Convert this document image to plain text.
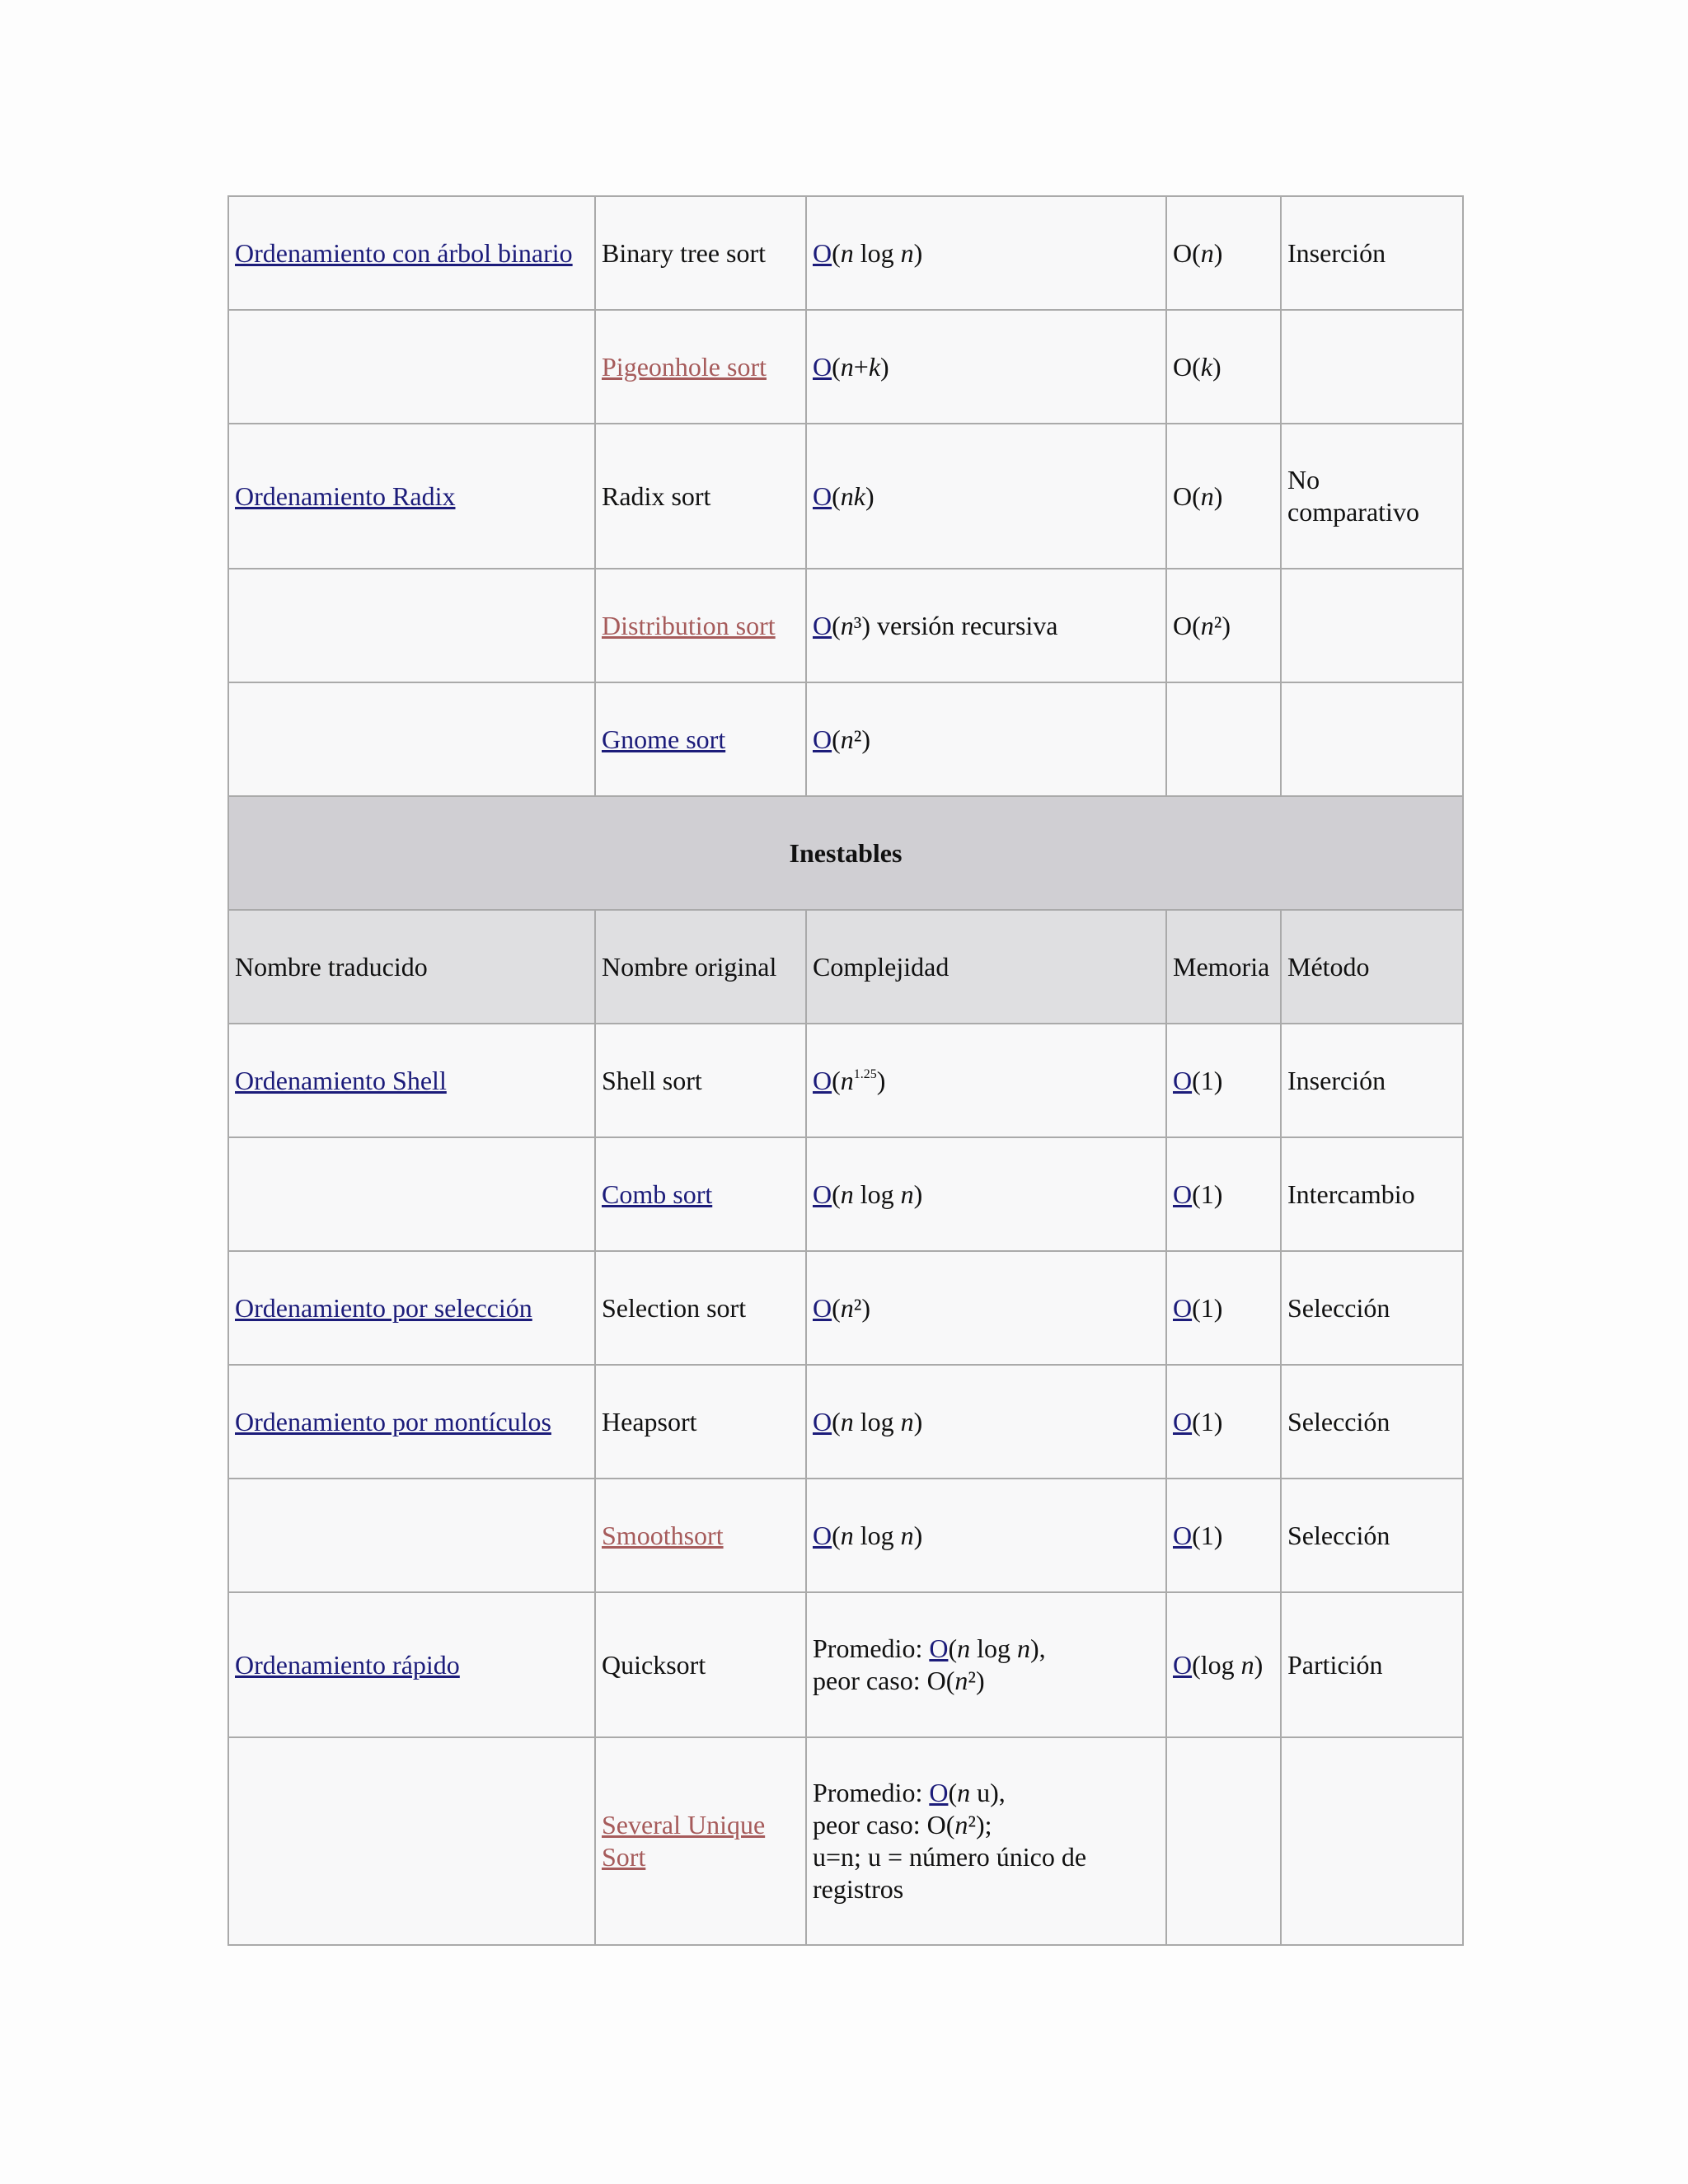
Ordenamiento con árbol binario	Binary tree sort	O(n log n)	O(n)	Inserción
	Pigeonhole sort	O(n+k)	O(k)	
Ordenamiento Radix	Radix sort	O(nk)	O(n)	No comparativo
	Distribution sort	O(n³) versión recursiva	O(n²)	
	Gnome sort	O(n²)		
Inestables				
Nombre traducido	Nombre original	Complejidad	Memoria	Método
Ordenamiento Shell	Shell sort	$O(n^{1.25})$	O(1)	Inserción
	Comb sort	O(n log n)	O(1)	Intercambio
Ordenamiento por selección	Selection sort	O(n²)	O(1)	Selección
Ordenamiento por montículos	Heapsort	O(n log n)	O(1)	Selección
	Smoothsort	O(n log n)	O(1)	Selección
Ordenamiento rápido	Quicksort	Promedio: O(n log n),
peor caso: O(n²)	O(log n)	Partición
	Several Unique Sort	Promedio: O(n u),
peor caso: O(n²);
u=n; u = número único de registros		
